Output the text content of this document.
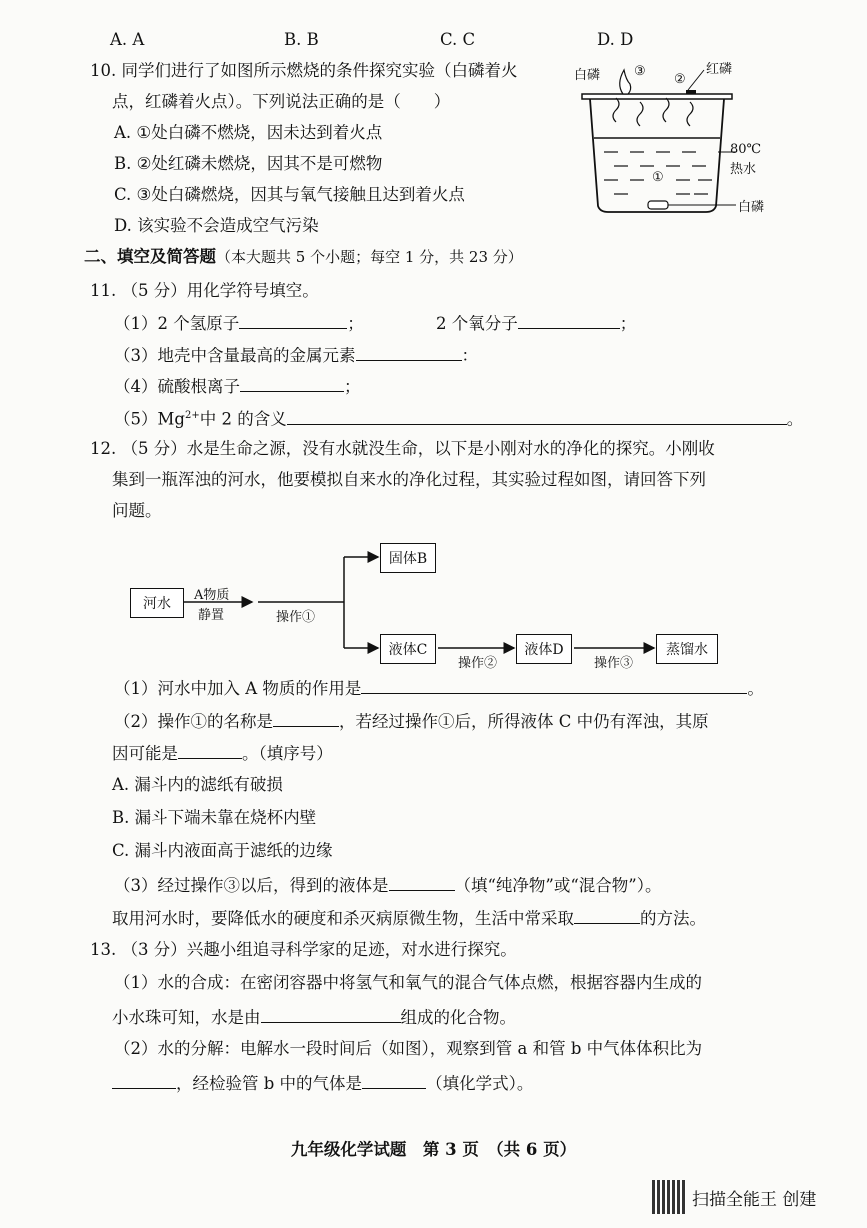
A. A	B. B	C. C	D. D
10. 同学们进行了如图所示燃烧的条件探究实验（白磷着火
点，红磷着火点）。下列说法正确的是（　　）
A. ①处白磷不燃烧，因未达到着火点
B. ②处红磷未燃烧，因其不是可燃物
C. ③处白磷燃烧，因其与氧气接触且达到着火点
D. 该实验不会造成空气污染
白磷	③
②
红磷
80℃
热水
①
白磷
二、填空及简答题（本大题共 5 个小题；每空 1 分，共 23 分）
11. （5 分）用化学符号填空。
（1）2 个氢原子	；	2 个氧分子	；
（3）地壳中含量最高的金属元素	：
（4）硫酸根离子	；
$(5)Mg^{2+}$中 2 的含义	。
12. （5 分）水是生命之源，没有水就没生命，以下是小刚对水的净化的探究。小刚收
集到一瓶浑浊的河水，他要模拟自来水的净化过程，其实验过程如图，请回答下列
问题。
河水
A物质
静置	操作①
固体B
液体C
操作②
液体D
操作③
蒸馏水
（1）河水中加入 A 物质的作用是	。
（2）操作①的名称是	，若经过操作①后，所得液体 C 中仍有浑浊，其原
因可能是	。（填序号）
A. 漏斗内的滤纸有破损
B. 漏斗下端未靠在烧杯内壁
C. 漏斗内液面高于滤纸的边缘
（3）经过操作③以后，得到的液体是	（填“纯净物”或“混合物”）。
取用河水时，要降低水的硬度和杀灭病原微生物，生活中常采取	的方法。
13. （3 分）兴趣小组追寻科学家的足迹，对水进行探究。
（1）水的合成：在密闭容器中将氢气和氧气的混合气体点燃，根据容器内生成的
小水珠可知，水是由	组成的化合物。
（2）水的分解：电解水一段时间后（如图），观察到管 a 和管 b 中气体体积比为
，经检验管 b 中的气体是	（填化学式）。
九年级化学试题　第 3 页　（共 6 页）
扫描全能王 创建
